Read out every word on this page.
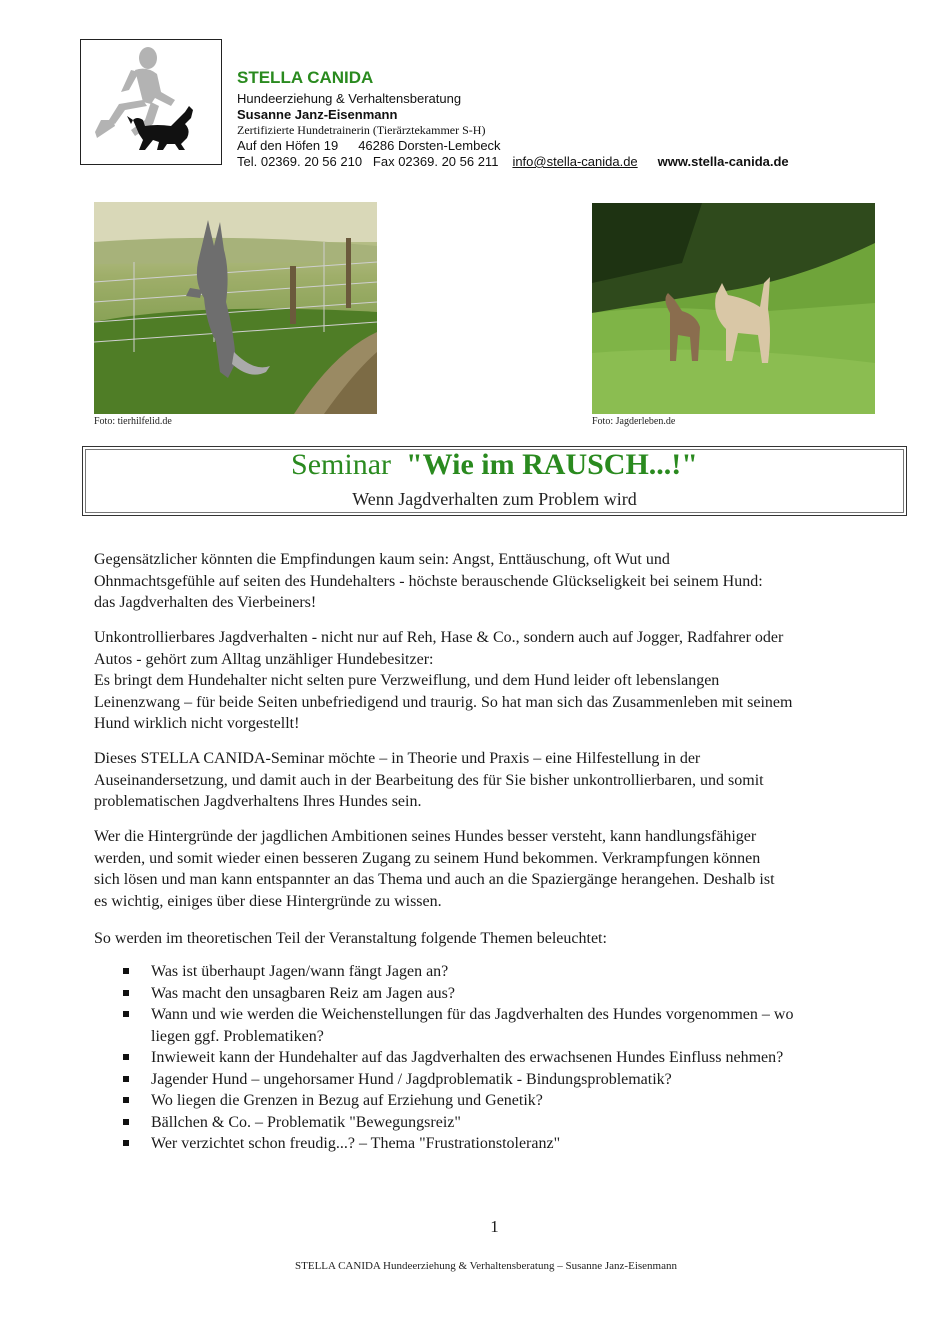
STELLA CANIDA
Hundeerziehung & Verhaltensberatung
Susanne Janz-Eisenmann
Zertifizierte Hundetrainerin (Tierärztekammer S-H)
Auf den Höfen 19 46286 Dorsten-Lembeck
Tel. 02369. 20 56 210 Fax 02369. 20 56 211 info@stella-canida.de www.stella-canida.de
Foto: tierhilfelid.de	Foto: Jagderleben.de
Seminar "Wie im RAUSCH...!"
Wenn Jagdverhalten zum Problem wird
Gegensätzlicher könnten die Empfindungen kaum sein: Angst, Enttäuschung, oft Wut und
Ohnmachtsgefühle auf seiten des Hundehalters - höchste berauschende Glückseligkeit bei seinem Hund:
das Jagdverhalten des Vierbeiners!
Unkontrollierbares Jagdverhalten - nicht nur auf Reh, Hase & Co., sondern auch auf Jogger, Radfahrer oder
Autos - gehört zum Alltag unzähliger Hundebesitzer:
Es bringt dem Hundehalter nicht selten pure Verzweiflung, und dem Hund leider oft lebenslangen
Leinenzwang – für beide Seiten unbefriedigend und traurig. So hat man sich das Zusammenleben mit seinem
Hund wirklich nicht vorgestellt!
Dieses STELLA CANIDA-Seminar möchte – in Theorie und Praxis – eine Hilfestellung in der
Auseinandersetzung, und damit auch in der Bearbeitung des für Sie bisher unkontrollierbaren, und somit
problematischen Jagdverhaltens Ihres Hundes sein.
Wer die Hintergründe der jagdlichen Ambitionen seines Hundes besser versteht, kann handlungsfähiger
werden, und somit wieder einen besseren Zugang zu seinem Hund bekommen. Verkrampfungen können
sich lösen und man kann entspannter an das Thema und auch an die Spaziergänge herangehen. Deshalb ist
es wichtig, einiges über diese Hintergründe zu wissen.
So werden im theoretischen Teil der Veranstaltung folgende Themen beleuchtet:
Was ist überhaupt Jagen/wann fängt Jagen an?
Was macht den unsagbaren Reiz am Jagen aus?
Wann und wie werden die Weichenstellungen für das Jagdverhalten des Hundes vorgenommen – wo
liegen ggf. Problematiken?
Inwieweit kann der Hundehalter auf das Jagdverhalten des erwachsenen Hundes Einfluss nehmen?
Jagender Hund – ungehorsamer Hund / Jagdproblematik - Bindungsproblematik?
Wo liegen die Grenzen in Bezug auf Erziehung und Genetik?
Bällchen & Co. – Problematik "Bewegungsreiz"
Wer verzichtet schon freudig...? – Thema "Frustrationstoleranz"
1
STELLA CANIDA Hundeerziehung & Verhaltensberatung – Susanne Janz-Eisenmann
